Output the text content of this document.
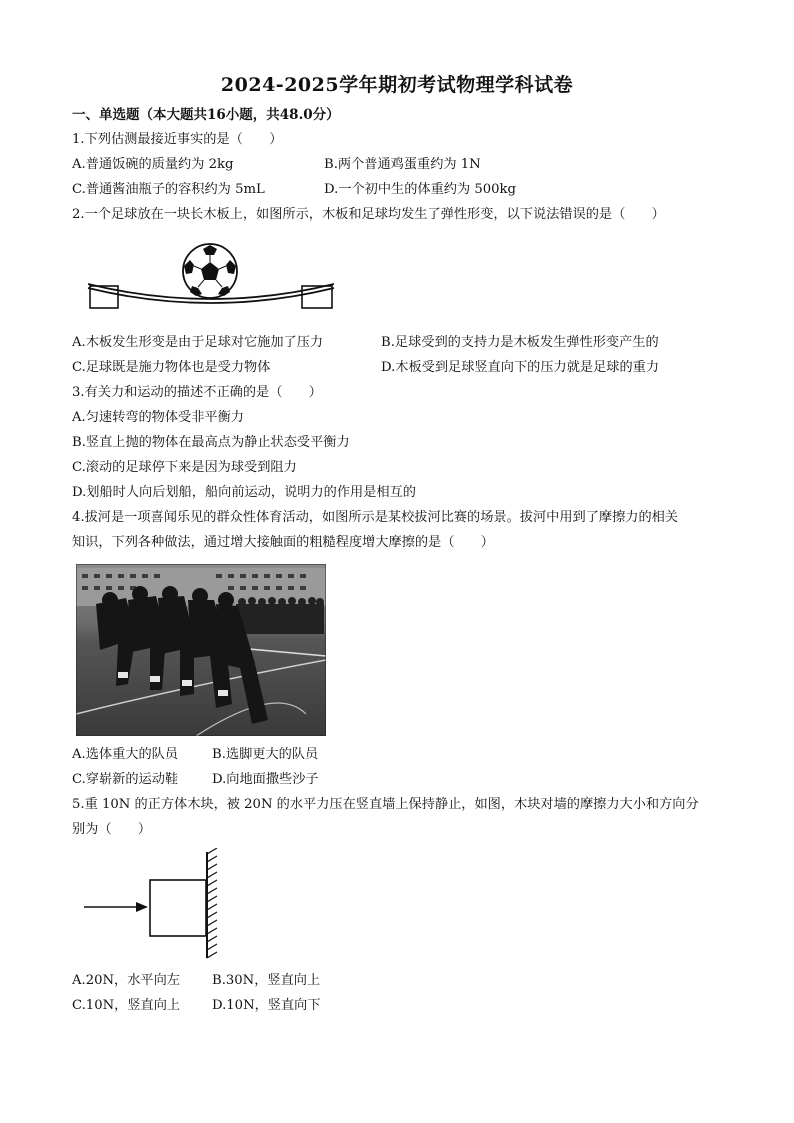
2024-2025学年期初考试物理学科试卷
一、单选题（本大题共16小题，共48.0分）
1.下列估测最接近事实的是（　　）
A.普通饭碗的质量约为 2kg	B.两个普通鸡蛋重约为 1N
C.普通酱油瓶子的容积约为 5mL	D.一个初中生的体重约为 500kg
2.一个足球放在一块长木板上，如图所示，木板和足球均发生了弹性形变，以下说法错误的是（　　）
A.木板发生形变是由于足球对它施加了压力	B.足球受到的支持力是木板发生弹性形变产生的
C.足球既是施力物体也是受力物体	D.木板受到足球竖直向下的压力就是足球的重力
3.有关力和运动的描述不正确的是（　　）
A.匀速转弯的物体受非平衡力
B.竖直上抛的物体在最高点为静止状态受平衡力
C.滚动的足球停下来是因为球受到阻力
D.划船时人向后划船，船向前运动，说明力的作用是相互的
4.拔河是一项喜闻乐见的群众性体育活动，如图所示是某校拔河比赛的场景。拔河中用到了摩擦力的相关
知识，下列各种做法，通过增大接触面的粗糙程度增大摩擦的是（　　）
A.选体重大的队员	B.选脚更大的队员
C.穿崭新的运动鞋	D.向地面撒些沙子
5.重 10N 的正方体木块，被 20N 的水平力压在竖直墙上保持静止，如图，木块对墙的摩擦力大小和方向分
别为（　　）
A.20N，水平向左 B.30N，竖直向上
C.10N，竖直向上 D.10N，竖直向下
